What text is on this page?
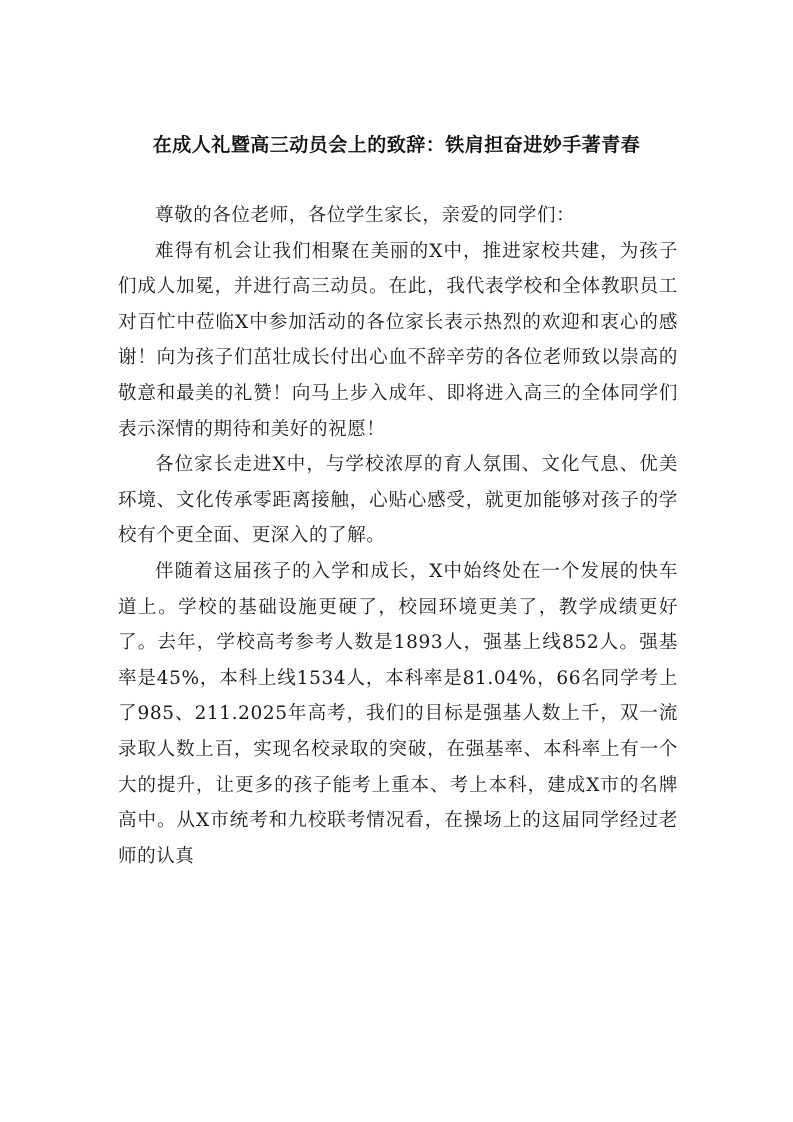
在成人礼暨高三动员会上的致辞：铁肩担奋进妙手著青春

尊敬的各位老师，各位学生家长，亲爱的同学们：

难得有机会让我们相聚在美丽的X中，推进家校共建，为孩子们成人加冕，并进行高三动员。在此，我代表学校和全体教职员工对百忙中莅临X中参加活动的各位家长表示热烈的欢迎和衷心的感谢！向为孩子们茁壮成长付出心血不辞辛劳的各位老师致以崇高的敬意和最美的礼赞！向马上步入成年、即将进入高三的全体同学们表示深情的期待和美好的祝愿！

各位家长走进X中，与学校浓厚的育人氛围、文化气息、优美环境、文化传承零距离接触，心贴心感受，就更加能够对孩子的学校有个更全面、更深入的了解。

伴随着这届孩子的入学和成长，X中始终处在一个发展的快车道上。学校的基础设施更硬了，校园环境更美了，教学成绩更好了。去年，学校高考参考人数是1893人，强基上线852人。强基率是45%，本科上线1534人，本科率是81.04%，66名同学考上了985、211.2025年高考，我们的目标是强基人数上千，双一流录取人数上百，实现名校录取的突破，在强基率、本科率上有一个大的提升，让更多的孩子能考上重本、考上本科，建成X市的名牌高中。从X市统考和九校联考情况看，在操场上的这届同学经过老师的认真
